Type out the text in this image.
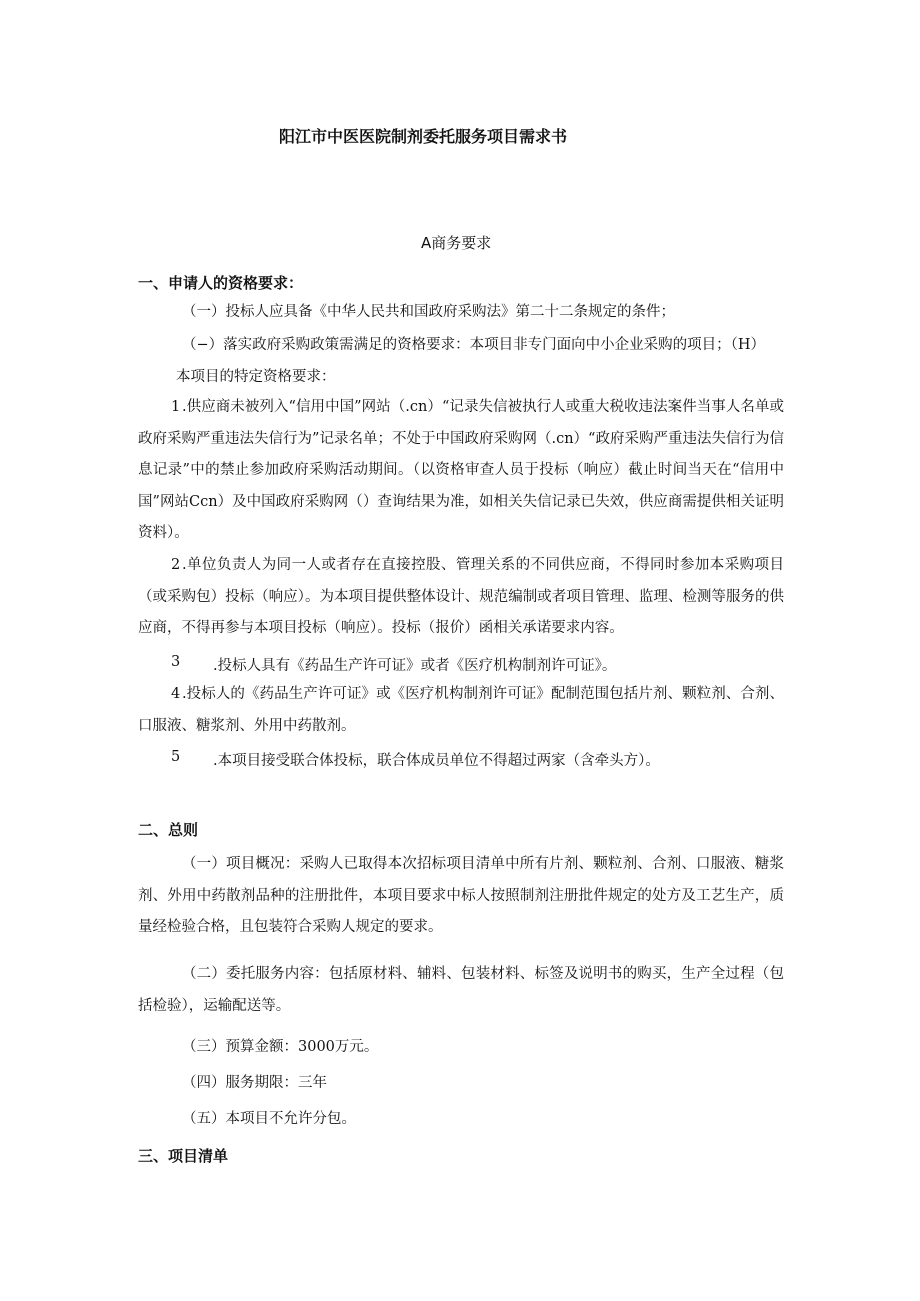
阳江市中医医院制剂委托服务项目需求书
A商务要求
一、申请人的资格要求：
（一）投标人应具备《中华人民共和国政府采购法》第二十二条规定的条件；
（−）落实政府采购政策需满足的资格要求：本项目非专门面向中小企业采购的项目；（H）
本项目的特定资格要求：
1 .供应商未被列入“信用中国”网站（.cn）“记录失信被执行人或重大税收违法案件当事人名单或政府采购严重违法失信行为”记录名单；不处于中国政府采购网（.cn）“政府采购严重违法失信行为信息记录”中的禁止参加政府采购活动期间。（以资格审查人员于投标（响应）截止时间当天在“信用中国”网站Ccn）及中国政府采购网（）查询结果为准，如相关失信记录已失效，供应商需提供相关证明资料）。

2 .单位负责人为同一人或者存在直接控股、管理关系的不同供应商，不得同时参加本采购项目（或采购包）投标（响应）。为本项目提供整体设计、规范编制或者项目管理、监理、检测等服务的供应商，不得再参与本项目投标（响应）。投标（报价）函相关承诺要求内容。

3 .投标人具有《药品生产许可证》或者《医疗机构制剂许可证》。
4 .投标人的《药品生产许可证》或《医疗机构制剂许可证》配制范围包括片剂、颗粒剂、合剂、口服液、糖浆剂、外用中药散剂。

5 .本项目接受联合体投标，联合体成员单位不得超过两家（含牵头方）。
二、总则

（一）项目概况：采购人已取得本次招标项目清单中所有片剂、颗粒剂、合剂、口服液、糖浆剂、外用中药散剂品种的注册批件，本项目要求中标人按照制剂注册批件规定的处方及工艺生产，质量经检验合格，且包装符合采购人规定的要求。

（二）委托服务内容：包括原材料、辅料、包装材料、标签及说明书的购买，生产全过程（包括检验），运输配送等。

（三）预算金额：3000万元。
（四）服务期限：三年
（五）本项目不允许分包。
三、项目清单
